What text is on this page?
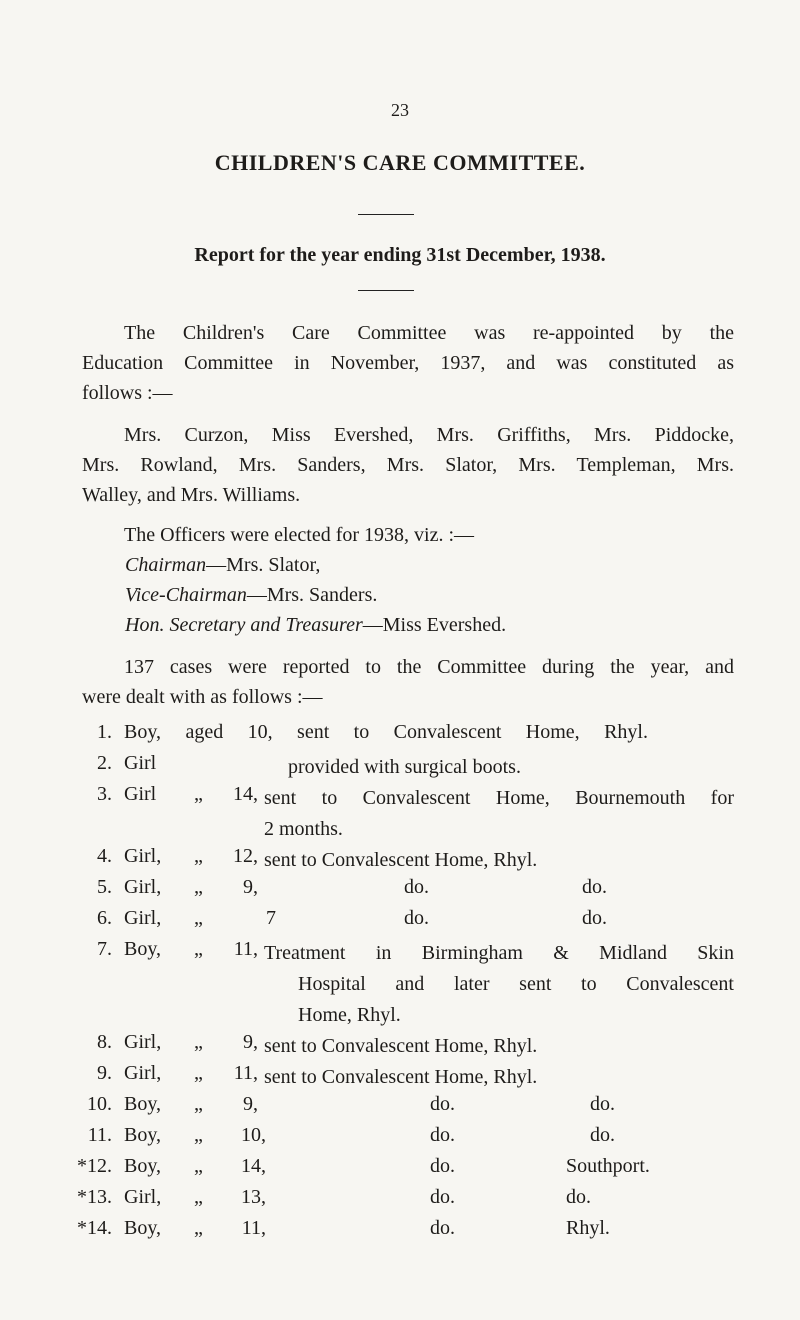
23
CHILDREN'S CARE COMMITTEE.
Report for the year ending 31st December, 1938.
The Children's Care Committee was re-appointed by the
Education Committee in November, 1937, and was constituted as
follows :—
Mrs. Curzon, Miss Evershed, Mrs. Griffiths, Mrs. Piddocke,
Mrs. Rowland, Mrs. Sanders, Mrs. Slator, Mrs. Templeman, Mrs.
Walley, and Mrs. Williams.
The Officers were elected for 1938, viz. :—
Chairman—Mrs. Slator,
Vice-Chairman—Mrs. Sanders.
Hon. Secretary and Treasurer—Miss Evershed.
137 cases were reported to the Committee during the year, and
were dealt with as follows :—
1. Boy, aged 10, sent to Convalescent Home, Rhyl.
2. Girl	provided with surgical boots.
3. Girl „	14, sent to Convalescent Home, Bournemouth for
2 months.
4. Girl, „	12, sent to Convalescent Home, Rhyl.
5. Girl, „	9,	do.	do.
6. Girl, „	7	do.	do.
7. Boy, „	11, Treatment in Birmingham & Midland Skin
Hospital and later sent to Convalescent
Home, Rhyl.
8. Girl, „	9, sent to Convalescent Home, Rhyl.
9. Girl, „	11, sent to Convalescent Home, Rhyl.
10. Boy, „	9,	do.	do.
11. Boy, „	10,	do.	do.
*12. Boy, „	14,	do.	Southport.
*13. Girl, „	13,	do.	do.
*14. Boy, „	11,	do.	Rhyl.
